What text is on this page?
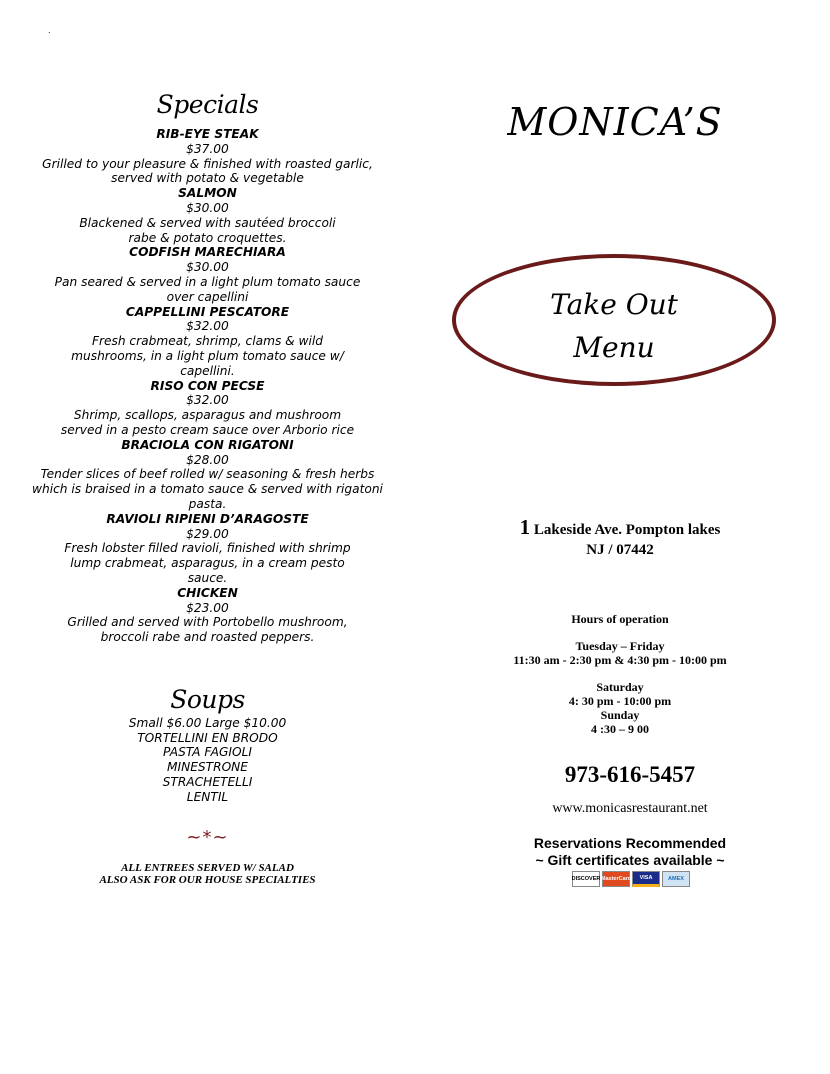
.
Specials
RIB-EYE STEAK
$37.00
Grilled to your pleasure & finished with roasted garlic, served with potato & vegetable
SALMON
$30.00
Blackened & served with sautéed broccoli rabe & potato croquettes.
CODFISH MARECHIARA
$30.00
Pan seared & served in a light plum tomato sauce over capellini
CAPPELLINI PESCATORE
$32.00
Fresh crabmeat, shrimp, clams & wild mushrooms, in a light plum tomato sauce w/ capellini.
RISO CON PECSE
$32.00
Shrimp, scallops, asparagus and mushroom served in a pesto cream sauce over Arborio rice
BRACIOLA CON RIGATONI
$28.00
Tender slices of beef rolled w/ seasoning & fresh herbs which is braised in a tomato sauce & served with rigatoni pasta.
RAVIOLI RIPIENI D’ARAGOSTE
$29.00
Fresh lobster filled ravioli, finished with shrimp lump crabmeat, asparagus, in a cream pesto sauce.
CHICKEN
$23.00
Grilled and served with Portobello mushroom, broccoli rabe and roasted peppers.
Soups
Small $6.00 Large $10.00
TORTELLINI EN BRODO
PASTA FAGIOLI
MINESTRONE
STRACHETELLI
LENTIL
~*~
ALL ENTREES SERVED W/ SALAD
ALSO ASK FOR OUR HOUSE SPECIALTIES
MONICA’S
Take Out
Menu
1 Lakeside Ave. Pompton lakes
NJ / 07442
Hours of operation
Tuesday – Friday
11:30 am - 2:30 pm & 4:30 pm - 10:00 pm
Saturday
4: 30 pm - 10:00 pm
Sunday
4 :30 – 9 00
973-616-5457
www.monicasrestaurant.net
Reservations Recommended
~ Gift certificates available ~
DISCOVER MasterCard	VISA	AMEX
